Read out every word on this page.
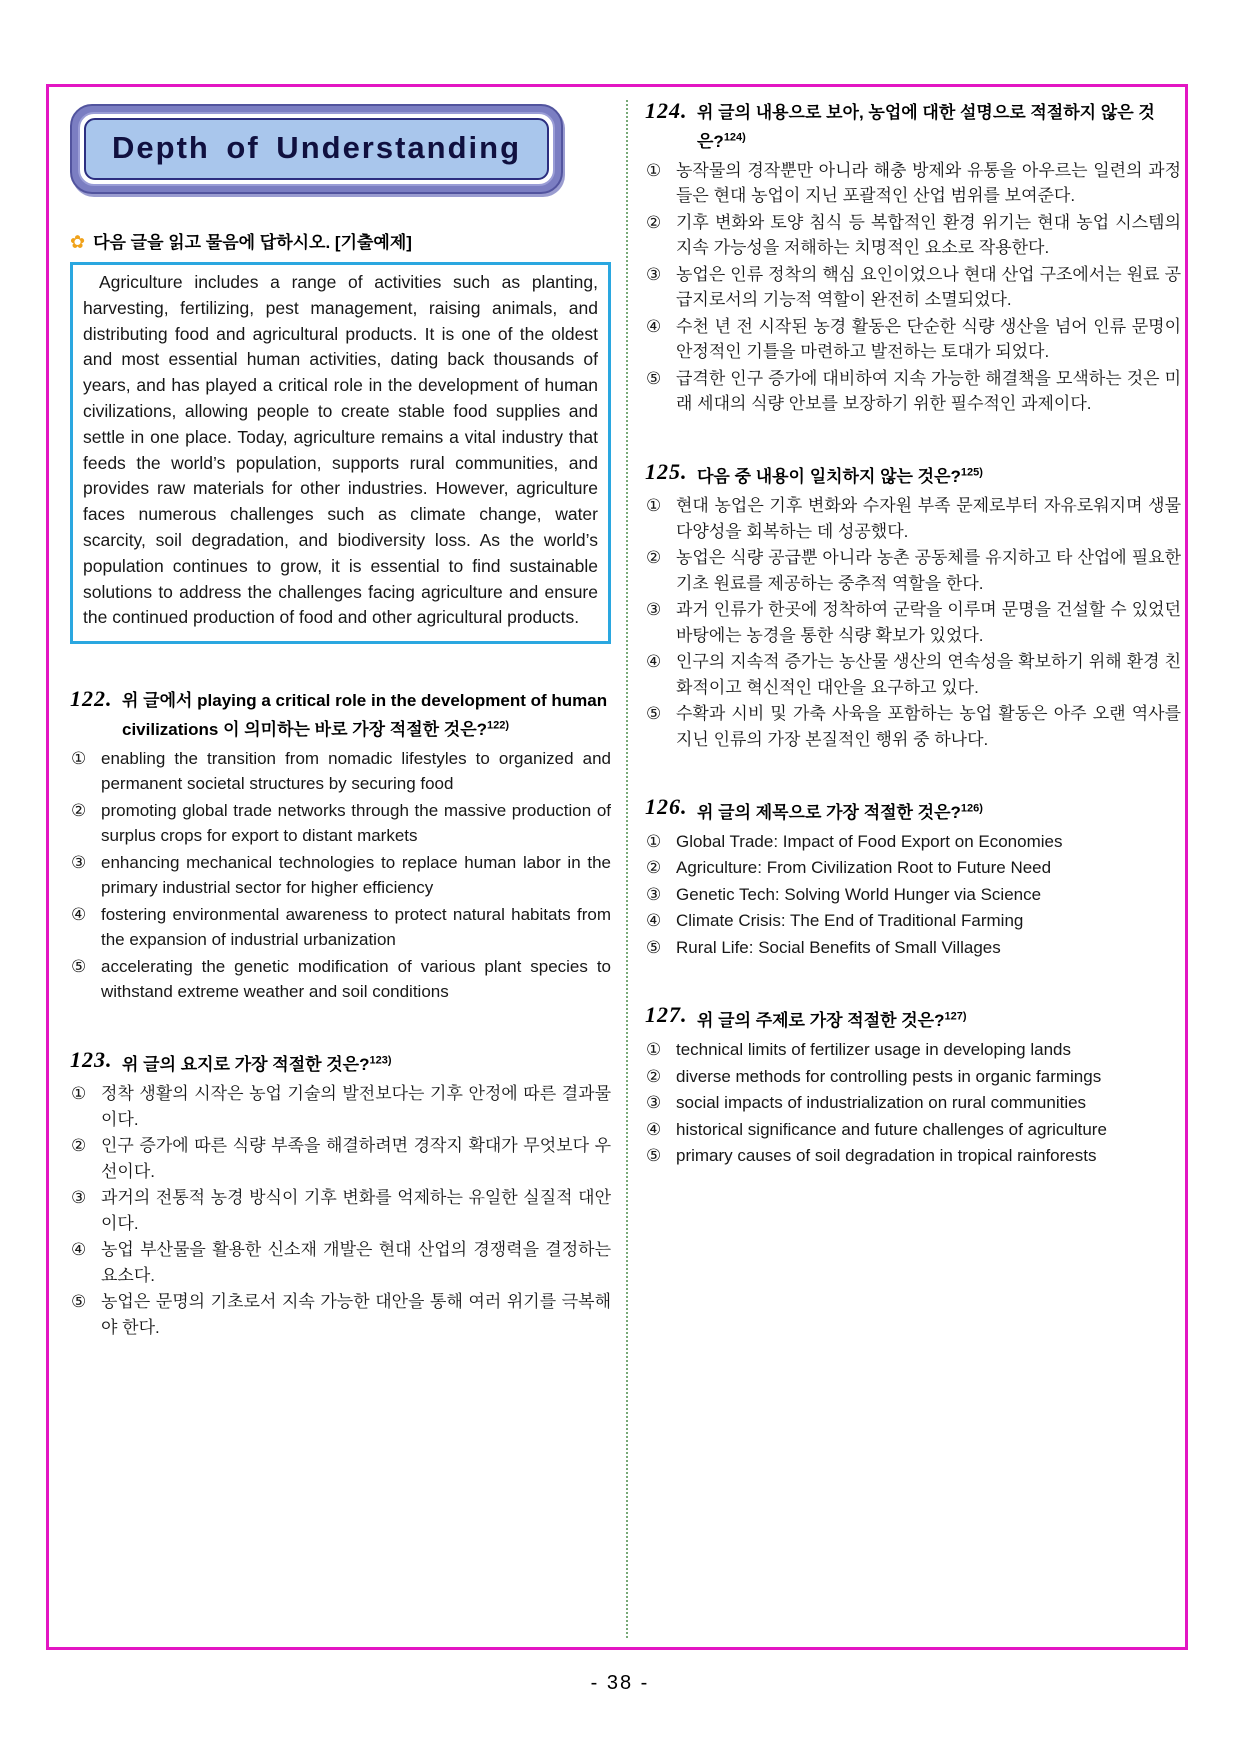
Depth of Understanding
✿ 다음 글을 읽고 물음에 답하시오. [기출예제]
Agriculture includes a range of activities such as planting, harvesting, fertilizing, pest management, raising animals, and distributing food and agricultural products. It is one of the oldest and most essential human activities, dating back thousands of years, and has played a critical role in the development of human civilizations, allowing people to create stable food supplies and settle in one place. Today, agriculture remains a vital industry that feeds the world’s population, supports rural communities, and provides raw materials for other industries. However, agriculture faces numerous challenges such as climate change, water scarcity, soil degradation, and biodiversity loss. As the world’s population continues to grow, it is essential to find sustainable solutions to address the challenges facing agriculture and ensure the continued production of food and other agricultural products.
122. 위 글에서 playing a critical role in the development of human civilizations 이 의미하는 바로 가장 적절한 것은?$^{122)}$
① enabling the transition from nomadic lifestyles to organized and permanent societal structures by securing food
② promoting global trade networks through the massive production of surplus crops for export to distant markets
③ enhancing mechanical technologies to replace human labor in the primary industrial sector for higher efficiency
④ fostering environmental awareness to protect natural habitats from the expansion of industrial urbanization
⑤ accelerating the genetic modification of various plant species to withstand extreme weather and soil conditions
123. 위 글의 요지로 가장 적절한 것은?$^{123)}$
① 정착 생활의 시작은 농업 기술의 발전보다는 기후 안정에 따른 결과물이다.
② 인구 증가에 따른 식량 부족을 해결하려면 경작지 확대가 무엇보다 우선이다.
③ 과거의 전통적 농경 방식이 기후 변화를 억제하는 유일한 실질적 대안이다.
④ 농업 부산물을 활용한 신소재 개발은 현대 산업의 경쟁력을 결정하는 요소다.
⑤ 농업은 문명의 기초로서 지속 가능한 대안을 통해 여러 위기를 극복해야 한다.
124. 위 글의 내용으로 보아, 농업에 대한 설명으로 적절하지 않은 것은?$^{124)}$
① 농작물의 경작뿐만 아니라 해충 방제와 유통을 아우르는 일련의 과정들은 현대 농업이 지닌 포괄적인 산업 범위를 보여준다.
② 기후 변화와 토양 침식 등 복합적인 환경 위기는 현대 농업 시스템의 지속 가능성을 저해하는 치명적인 요소로 작용한다.
③ 농업은 인류 정착의 핵심 요인이었으나 현대 산업 구조에서는 원료 공급지로서의 기능적 역할이 완전히 소멸되었다.
④ 수천 년 전 시작된 농경 활동은 단순한 식량 생산을 넘어 인류 문명이 안정적인 기틀을 마련하고 발전하는 토대가 되었다.
⑤ 급격한 인구 증가에 대비하여 지속 가능한 해결책을 모색하는 것은 미래 세대의 식량 안보를 보장하기 위한 필수적인 과제이다.
125. 다음 중 내용이 일치하지 않는 것은?$^{125)}$
① 현대 농업은 기후 변화와 수자원 부족 문제로부터 자유로워지며 생물 다양성을 회복하는 데 성공했다.
② 농업은 식량 공급뿐 아니라 농촌 공동체를 유지하고 타 산업에 필요한 기초 원료를 제공하는 중추적 역할을 한다.
③ 과거 인류가 한곳에 정착하여 군락을 이루며 문명을 건설할 수 있었던 바탕에는 농경을 통한 식량 확보가 있었다.
④ 인구의 지속적 증가는 농산물 생산의 연속성을 확보하기 위해 환경 친화적이고 혁신적인 대안을 요구하고 있다.
⑤ 수확과 시비 및 가축 사육을 포함하는 농업 활동은 아주 오랜 역사를 지닌 인류의 가장 본질적인 행위 중 하나다.
126. 위 글의 제목으로 가장 적절한 것은?$^{126)}$
① Global Trade: Impact of Food Export on Economies
② Agriculture: From Civilization Root to Future Need
③ Genetic Tech: Solving World Hunger via Science
④ Climate Crisis: The End of Traditional Farming
⑤ Rural Life: Social Benefits of Small Villages
127. 위 글의 주제로 가장 적절한 것은?$^{127)}$
① technical limits of fertilizer usage in developing lands
② diverse methods for controlling pests in organic farmings
③ social impacts of industrialization on rural communities
④ historical significance and future challenges of agriculture
⑤ primary causes of soil degradation in tropical rainforests
- 38 -
